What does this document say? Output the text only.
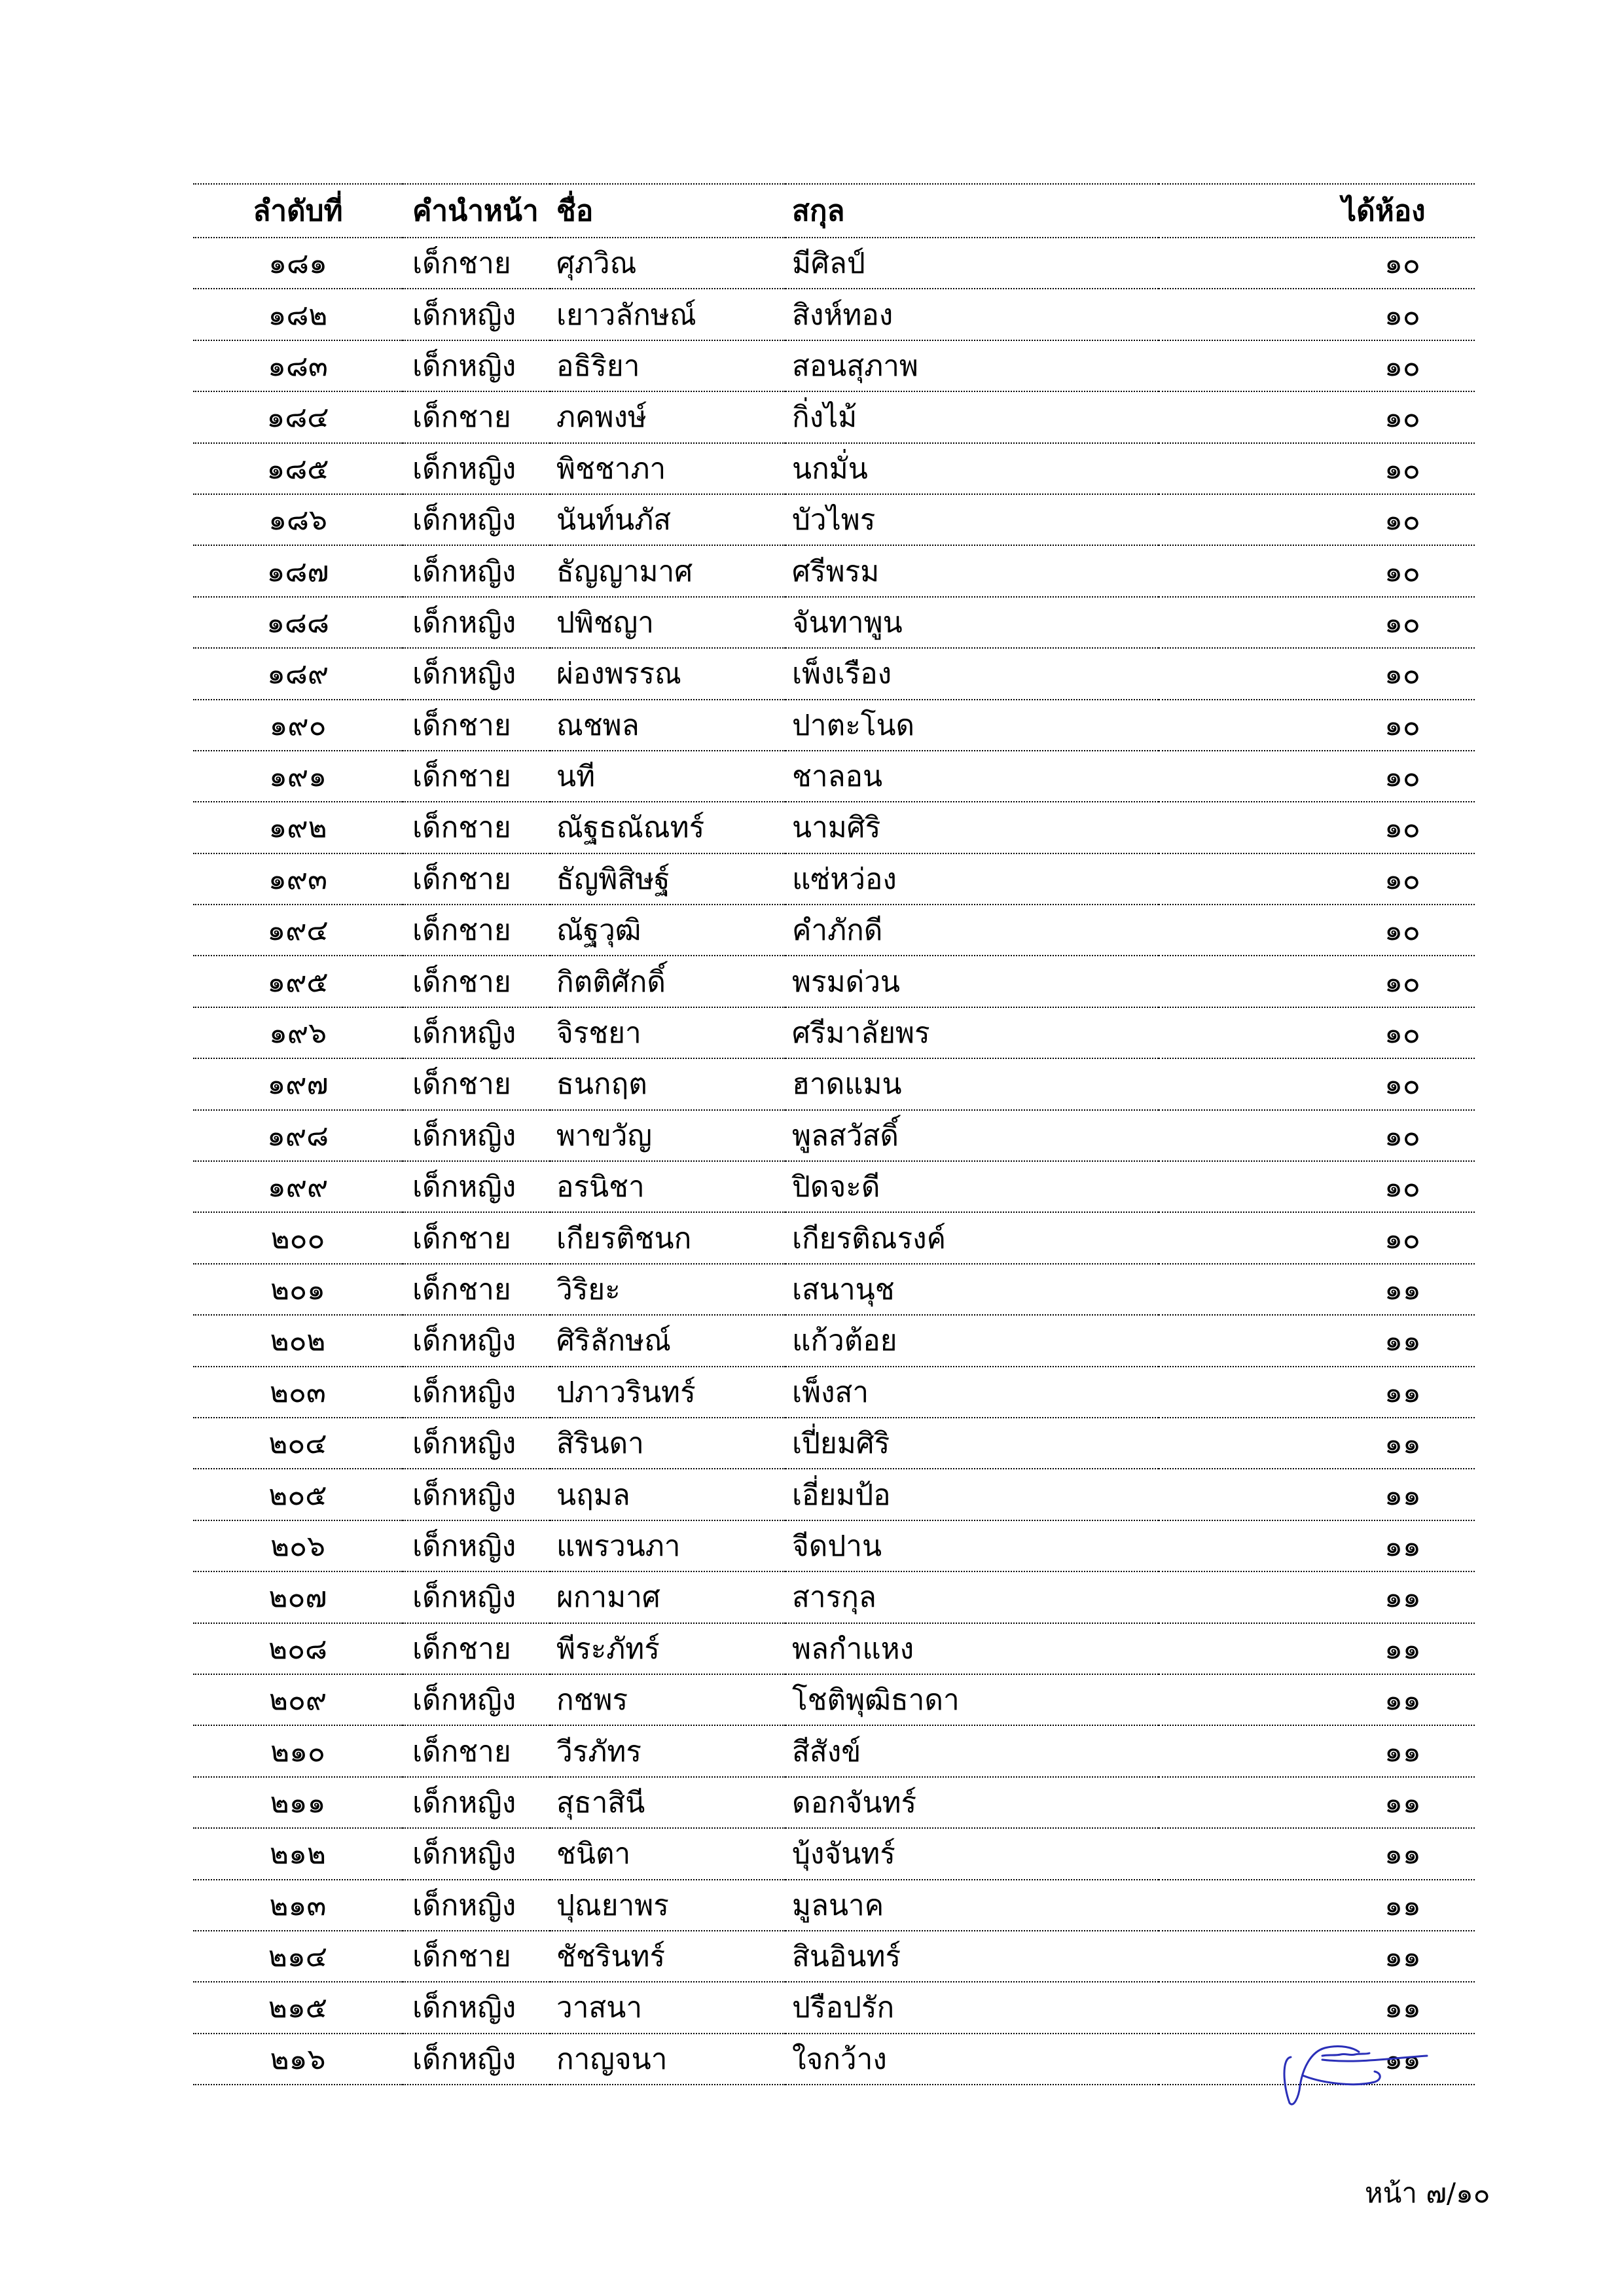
ลำดับที่	คำนำหน้า	ชื่อ	สกุล	ได้ห้อง
๑๘๑	เด็กชาย	ศุภวิณ	มีศิลป์	๑๐
๑๘๒	เด็กหญิง	เยาวลักษณ์	สิงห์ทอง	๑๐
๑๘๓	เด็กหญิง	อธิริยา	สอนสุภาพ	๑๐
๑๘๔	เด็กชาย	ภคพงษ์	กิ่งไม้	๑๐
๑๘๕	เด็กหญิง	พิชชาภา	นกมั่น	๑๐
๑๘๖	เด็กหญิง	นันท์นภัส	บัวไพร	๑๐
๑๘๗	เด็กหญิง	ธัญญามาศ	ศรีพรม	๑๐
๑๘๘	เด็กหญิง	ปพิชญา	จันทาพูน	๑๐
๑๘๙	เด็กหญิง	ผ่องพรรณ	เพ็งเรือง	๑๐
๑๙๐	เด็กชาย	ณชพล	ปาตะโนด	๑๐
๑๙๑	เด็กชาย	นที	ชาลอน	๑๐
๑๙๒	เด็กชาย	ณัฐธณัณทร์	นามศิริ	๑๐
๑๙๓	เด็กชาย	ธัญพิสิษฐ์	แซ่หว่อง	๑๐
๑๙๔	เด็กชาย	ณัฐวุฒิ	คำภักดี	๑๐
๑๙๕	เด็กชาย	กิตติศักดิ์	พรมด่วน	๑๐
๑๙๖	เด็กหญิง	จิรชยา	ศรีมาลัยพร	๑๐
๑๙๗	เด็กชาย	ธนกฤต	ฮาดแมน	๑๐
๑๙๘	เด็กหญิง	พาขวัญ	พูลสวัสดิ์	๑๐
๑๙๙	เด็กหญิง	อรนิชา	ปิดจะดี	๑๐
๒๐๐	เด็กชาย	เกียรติชนก	เกียรติณรงค์	๑๐
๒๐๑	เด็กชาย	วิริยะ	เสนานุช	๑๑
๒๐๒	เด็กหญิง	ศิริลักษณ์	แก้วต้อย	๑๑
๒๐๓	เด็กหญิง	ปภาวรินทร์	เพ็งสา	๑๑
๒๐๔	เด็กหญิง	สิรินดา	เปี่ยมศิริ	๑๑
๒๐๕	เด็กหญิง	นฤมล	เอี่ยมป้อ	๑๑
๒๐๖	เด็กหญิง	แพรวนภา	จีดปาน	๑๑
๒๐๗	เด็กหญิง	ผกามาศ	สารกุล	๑๑
๒๐๘	เด็กชาย	พีระภัทร์	พลกำแหง	๑๑
๒๐๙	เด็กหญิง	กชพร	โชติพุฒิธาดา	๑๑
๒๑๐	เด็กชาย	วีรภัทร	สีสังข์	๑๑
๒๑๑	เด็กหญิง	สุธาสินี	ดอกจันทร์	๑๑
๒๑๒	เด็กหญิง	ชนิตา	บุ้งจันทร์	๑๑
๒๑๓	เด็กหญิง	ปุณยาพร	มูลนาค	๑๑
๒๑๔	เด็กชาย	ชัชรินทร์	สินอินทร์	๑๑
๒๑๕	เด็กหญิง	วาสนา	ปรือปรัก	๑๑
๒๑๖	เด็กหญิง	กาญจนา	ใจกว้าง	๑๑
หน้า ๗/๑๐
